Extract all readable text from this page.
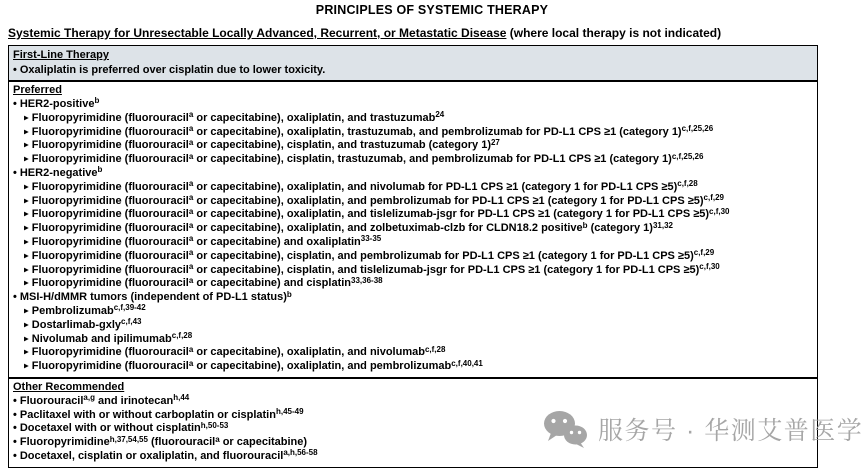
PRINCIPLES OF SYSTEMIC THERAPY
Systemic Therapy for Unresectable Locally Advanced, Recurrent, or Metastatic Disease (where local therapy is not indicated)
First-Line Therapy
• Oxaliplatin is preferred over cisplatin due to lower toxicity.
Preferred
• HER2-positive$^b$
▸ Fluoropyrimidine (fluorouracil$^a$ or capecitabine), oxaliplatin, and trastuzumab$^{24}$
▸ Fluoropyrimidine (fluorouracil$^a$ or capecitabine), oxaliplatin, trastuzumab, and pembrolizumab for PD-L1 CPS ≥1 (category 1)$^{c,f,25,26}$
▸ Fluoropyrimidine (fluorouracil$^a$ or capecitabine), cisplatin, and trastuzumab (category 1)$^{27}$
▸ Fluoropyrimidine (fluorouracil$^a$ or capecitabine), cisplatin, trastuzumab, and pembrolizumab for PD-L1 CPS ≥1 (category 1)$^{c,f,25,26}$
• HER2-negative$^b$
▸ Fluoropyrimidine (fluorouracil$^a$ or capecitabine), oxaliplatin, and nivolumab for PD-L1 CPS ≥1 (category 1 for PD-L1 CPS ≥5)$^{c,f,28}$
▸ Fluoropyrimidine (fluorouracil$^a$ or capecitabine), oxaliplatin, and pembrolizumab for PD-L1 CPS ≥1 (category 1 for PD-L1 CPS ≥5)$^{c,f,29}$
▸ Fluoropyrimidine (fluorouracil$^a$ or capecitabine), oxaliplatin, and tislelizumab-jsgr for PD-L1 CPS ≥1 (category 1 for PD-L1 CPS ≥5)$^{c,f,30}$
▸ Fluoropyrimidine (fluorouracil$^a$ or capecitabine), oxaliplatin, and zolbetuximab-clzb for CLDN18.2 positive$^b$ (category 1)$^{31,32}$
▸ Fluoropyrimidine (fluorouracil$^a$ or capecitabine) and oxaliplatin$^{33-35}$
▸ Fluoropyrimidine (fluorouracil$^a$ or capecitabine), cisplatin, and pembrolizumab for PD-L1 CPS ≥1 (category 1 for PD-L1 CPS ≥5)$^{c,f,29}$
▸ Fluoropyrimidine (fluorouracil$^a$ or capecitabine), cisplatin, and tislelizumab-jsgr for PD-L1 CPS ≥1 (category 1 for PD-L1 CPS ≥5)$^{c,f,30}$
▸ Fluoropyrimidine (fluorouracil$^a$ or capecitabine) and cisplatin$^{33,36-38}$
• MSI-H/dMMR tumors (independent of PD-L1 status)$^b$
▸ Pembrolizumab$^{c,f,39-42}$
▸ Dostarlimab-gxly$^{c,f,43}$
▸ Nivolumab and ipilimumab$^{c,f,28}$
▸ Fluoropyrimidine (fluorouracil$^a$ or capecitabine), oxaliplatin, and nivolumab$^{c,f,28}$
▸ Fluoropyrimidine (fluorouracil$^a$ or capecitabine), oxaliplatin, and pembrolizumab$^{c,f,40,41}$
Other Recommended
• Fluorouracil$^{a,g}$ and irinotecan$^{h,44}$
• Paclitaxel with or without carboplatin or cisplatin$^{h,45-49}$
• Docetaxel with or without cisplatin$^{h,50-53}$
• Fluoropyrimidine$^{h,37,54,55}$ (fluorouracil$^a$ or capecitabine)
• Docetaxel, cisplatin or oxaliplatin, and fluorouracil$^{a,h,56-58}$
服务号 · 华测艾普医学
